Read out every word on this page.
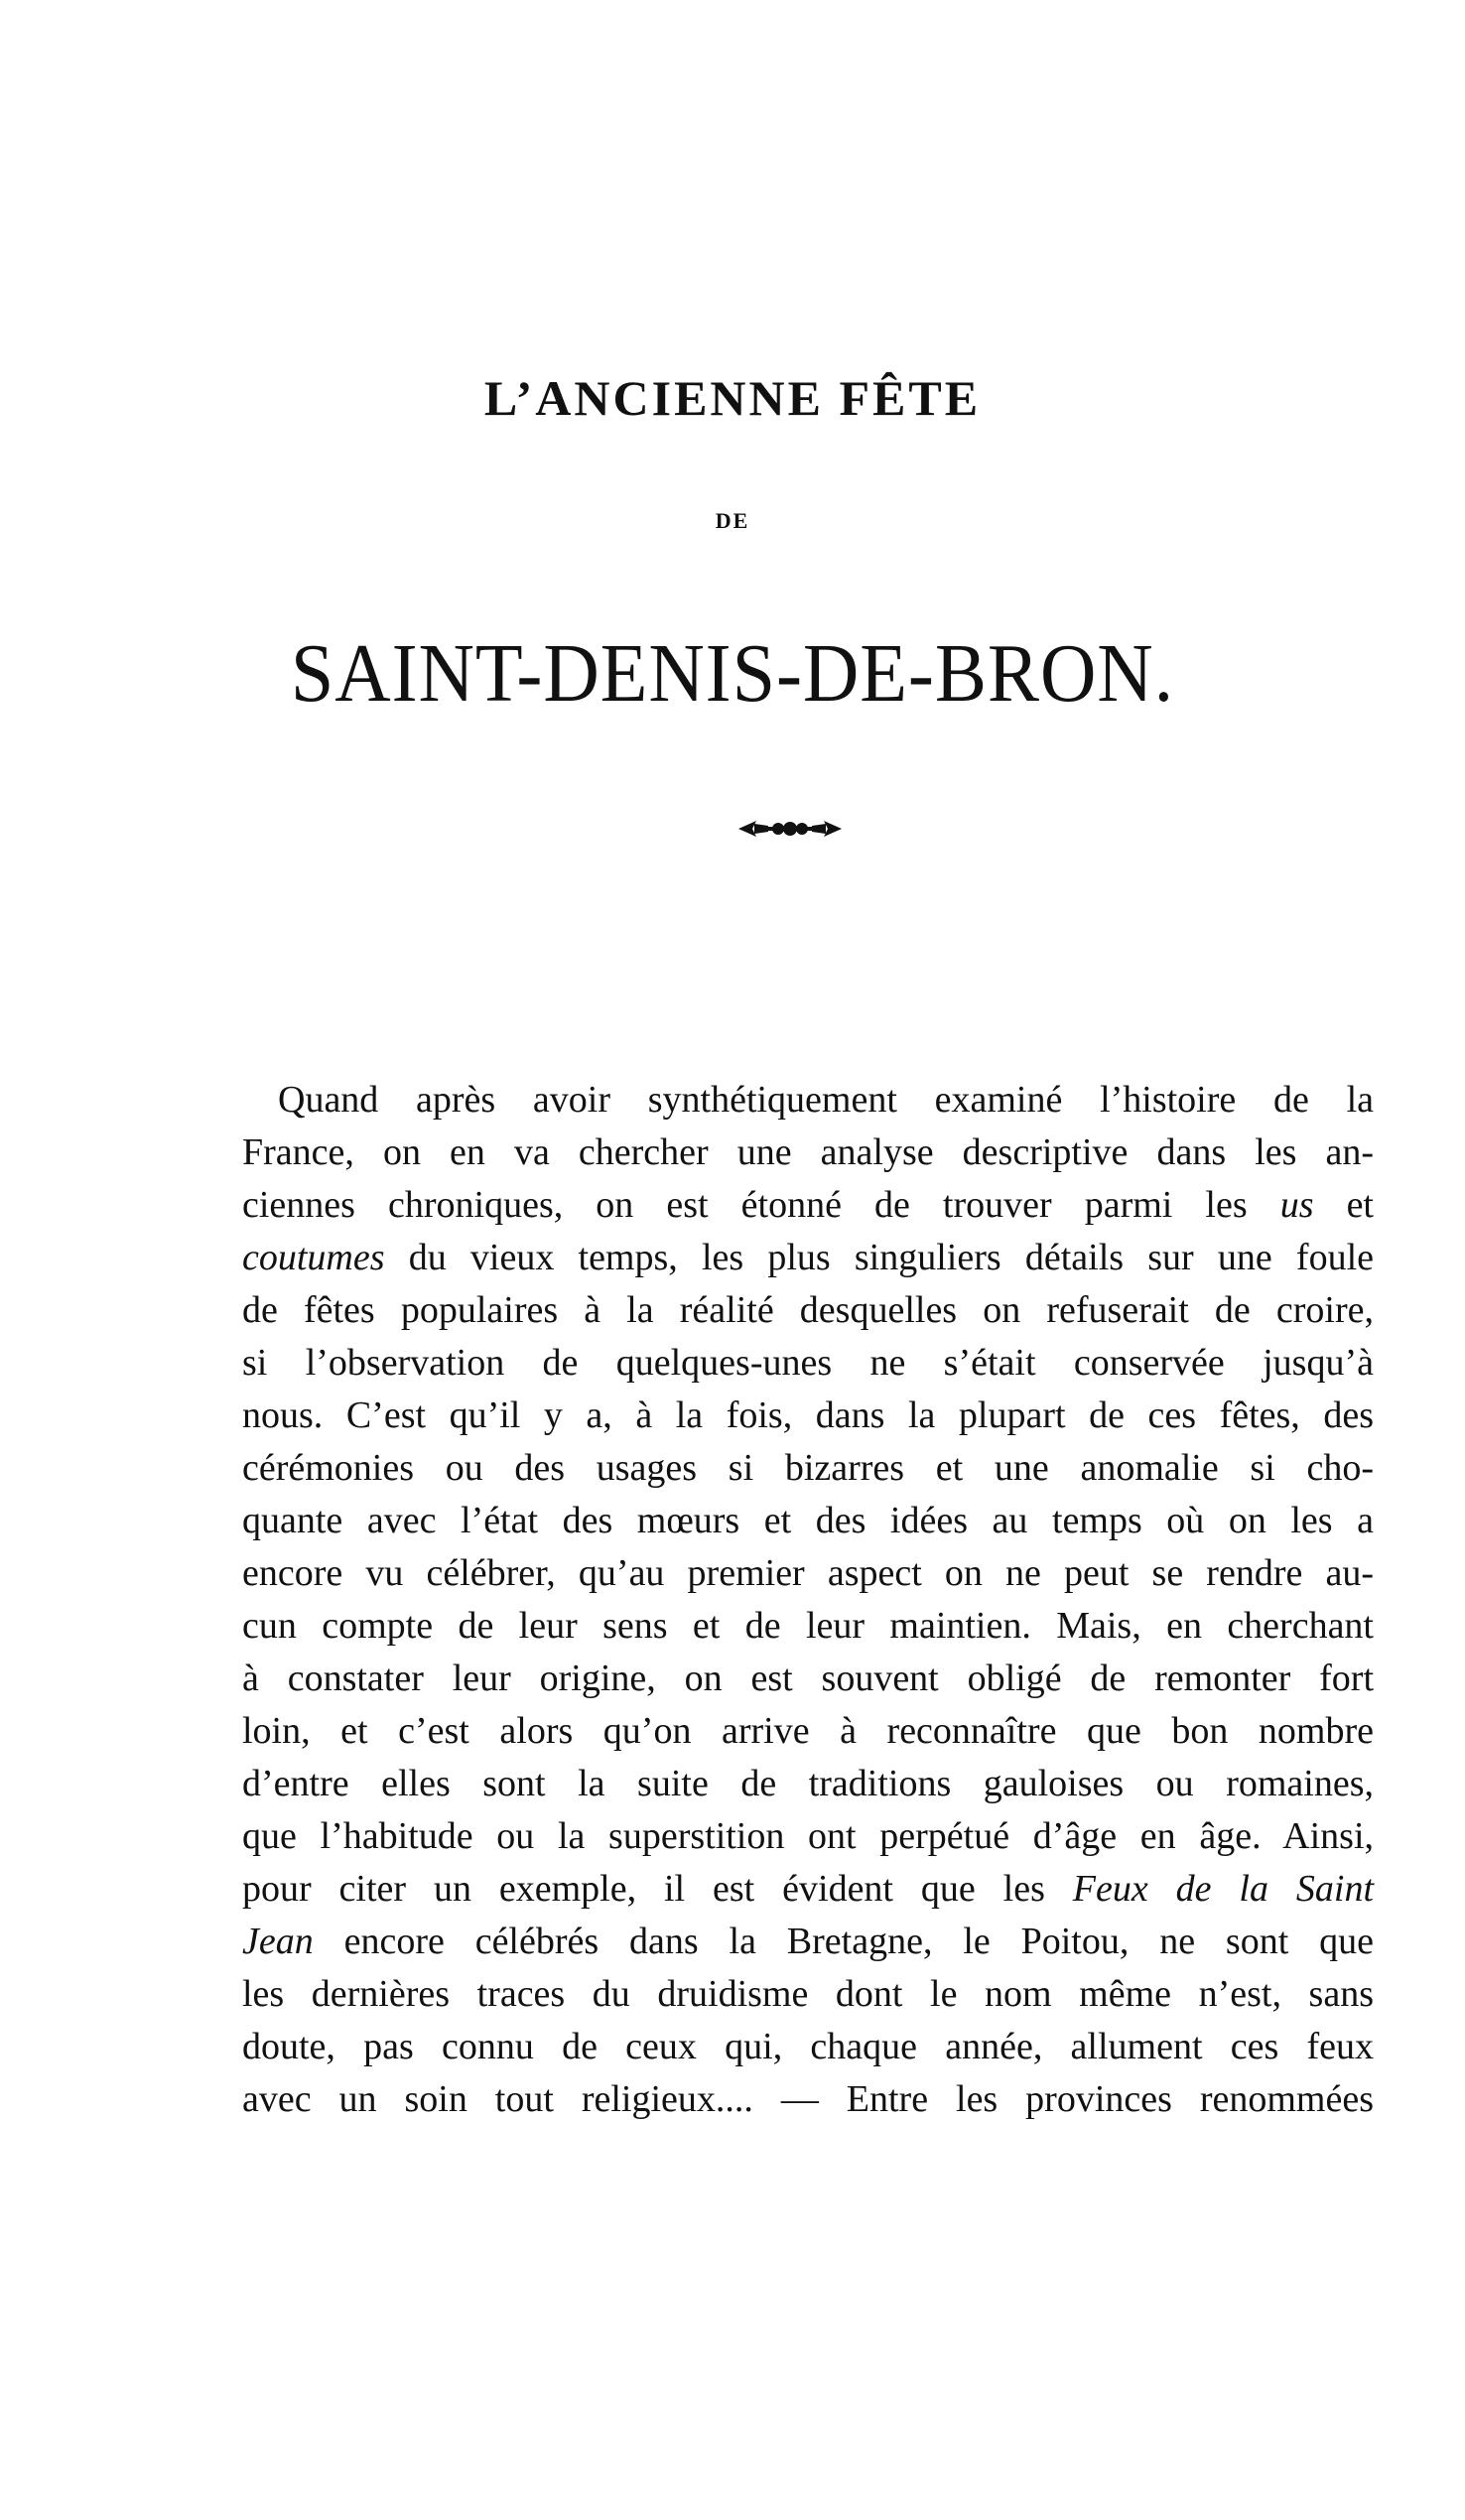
L’ANCIENNE FÊTE
DE
SAINT-DENIS-DE-BRON.
Quand après avoir synthétiquement examiné l’histoire de la
France, on en va chercher une analyse descriptive dans les an-
ciennes chroniques, on est étonné de trouver parmi les us et
coutumes du vieux temps, les plus singuliers détails sur une foule
de fêtes populaires à la réalité desquelles on refuserait de croire,
si l’observation de quelques-unes ne s’était conservée jusqu’à
nous. C’est qu’il y a, à la fois, dans la plupart de ces fêtes, des
cérémonies ou des usages si bizarres et une anomalie si cho-
quante avec l’état des mœurs et des idées au temps où on les a
encore vu célébrer, qu’au premier aspect on ne peut se rendre au-
cun compte de leur sens et de leur maintien. Mais, en cherchant
à constater leur origine, on est souvent obligé de remonter fort
loin, et c’est alors qu’on arrive à reconnaître que bon nombre
d’entre elles sont la suite de traditions gauloises ou romaines,
que l’habitude ou la superstition ont perpétué d’âge en âge. Ainsi,
pour citer un exemple, il est évident que les Feux de la Saint
Jean encore célébrés dans la Bretagne, le Poitou, ne sont que
les dernières traces du druidisme dont le nom même n’est, sans
doute, pas connu de ceux qui, chaque année, allument ces feux
avec un soin tout religieux.... — Entre les provinces renommées
